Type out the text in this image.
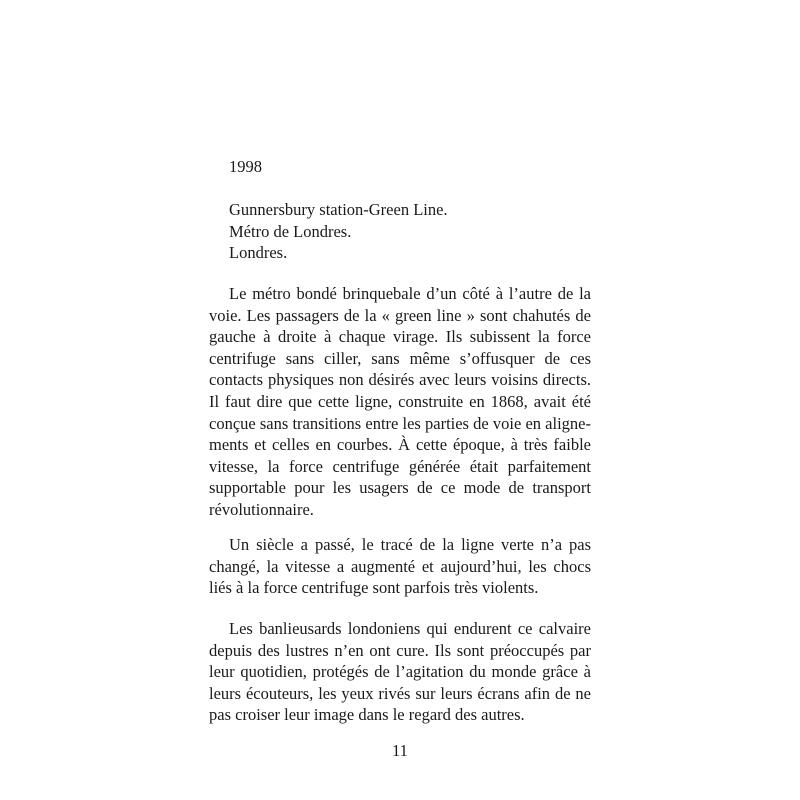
1998

Gunnersbury station-Green Line.
Métro de Londres.
Londres.

Le métro bondé brinquebale d’un côté à l’autre de la voie. Les passagers de la « green line » sont chahutés de gauche à droite à chaque virage. Ils subissent la force centrifuge sans ciller, sans même s’offusquer de ces contacts physiques non désirés avec leurs voisins directs. Il faut dire que cette ligne, construite en 1868, avait été conçue sans transitions entre les parties de voie en alignements et celles en courbes. À cette époque, à très faible vitesse, la force centrifuge générée était parfaitement supportable pour les usagers de ce mode de transport révolutionnaire.

Un siècle a passé, le tracé de la ligne verte n’a pas changé, la vitesse a augmenté et aujourd’hui, les chocs liés à la force centrifuge sont parfois très violents.

Les banlieusards londoniens qui endurent ce calvaire depuis des lustres n’en ont cure. Ils sont préoccupés par leur quotidien, protégés de l’agitation du monde grâce à leurs écouteurs, les yeux rivés sur leurs écrans afin de ne pas croiser leur image dans le regard des autres.

11
